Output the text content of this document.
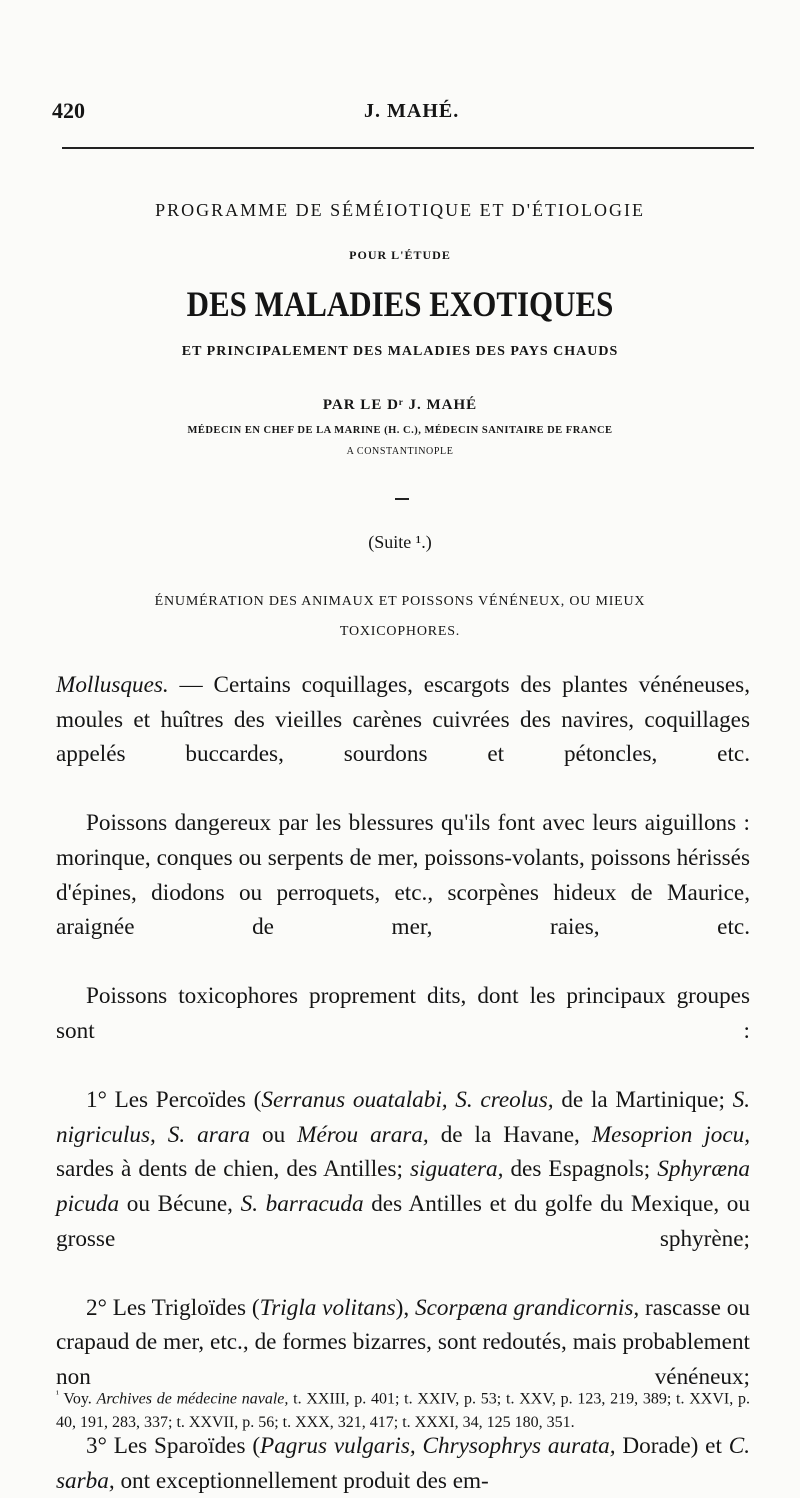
420	J. MAHÉ.
PROGRAMME DE SÉMÉIOTIQUE ET D'ÉTIOLOGIE
POUR L'ÉTUDE
DES MALADIES EXOTIQUES
ET PRINCIPALEMENT DES MALADIES DES PAYS CHAUDS
PAR LE Dʳ J. MAHÉ
MÉDECIN EN CHEF DE LA MARINE (H. C.), MÉDECIN SANITAIRE DE FRANCE
A CONSTANTINOPLE
(Suite ¹.)
ÉNUMÉRATION DES ANIMAUX ET POISSONS VÉNÉNEUX, OU MIEUX
TOXICOPHORES.

Mollusques. — Certains coquillages, escargots des plantes vénéneuses, moules et huîtres des vieilles carènes cuivrées des navires, coquillages appelés buccardes, sourdons et pétoncles, etc.

Poissons dangereux par les blessures qu'ils font avec leurs aiguillons : morinque, conques ou serpents de mer, poissons-volants, poissons hérissés d'épines, diodons ou perroquets, etc., scorpènes hideux de Maurice, araignée de mer, raies, etc.

Poissons toxicophores proprement dits, dont les principaux groupes sont :

1° Les Percoïdes (Serranus ouatalabi, S. creolus, de la Martinique; S. nigriculus, S. arara ou Mérou arara, de la Havane, Mesoprion jocu, sardes à dents de chien, des Antilles; siguatera, des Espagnols; Sphyræna picuda ou Bécune, S. barracuda des Antilles et du golfe du Mexique, ou grosse sphyrène;

2° Les Trigloïdes (Trigla volitans), Scorpæna grandicornis, rascasse ou crapaud de mer, etc., de formes bizarres, sont redoutés, mais probablement non vénéneux;

3° Les Sparoïdes (Pagrus vulgaris, Chrysophrys aurata, Dorade) et C. sarba, ont exceptionnellement produit des em-

$^{^1}$ Voy. Archives de médecine navale, t. XXIII, p. 401; t. XXIV, p. 53; t. XXV, p. 123, 219, 389; t. XXVI, p. 40, 191, 283, 337; t. XXVII, p. 56; t. XXX, 321, 417; t. XXXI, 34, 125 180, 351.
